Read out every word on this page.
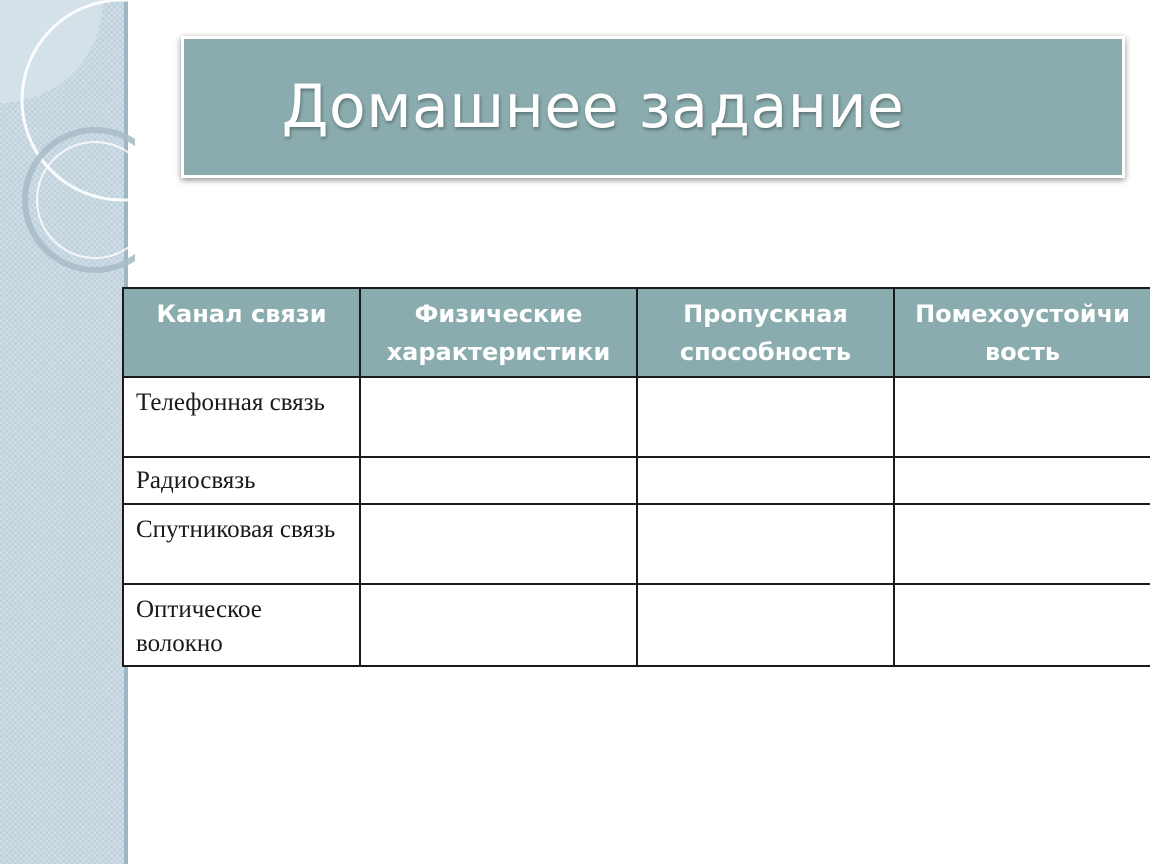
Домашнее задание
Канал связи	Физические характеристики	Пропускная способность	Помехоустойчи вость
Телефонная связь			
Радиосвязь			
Спутниковая связь			
Оптическое волокно			
